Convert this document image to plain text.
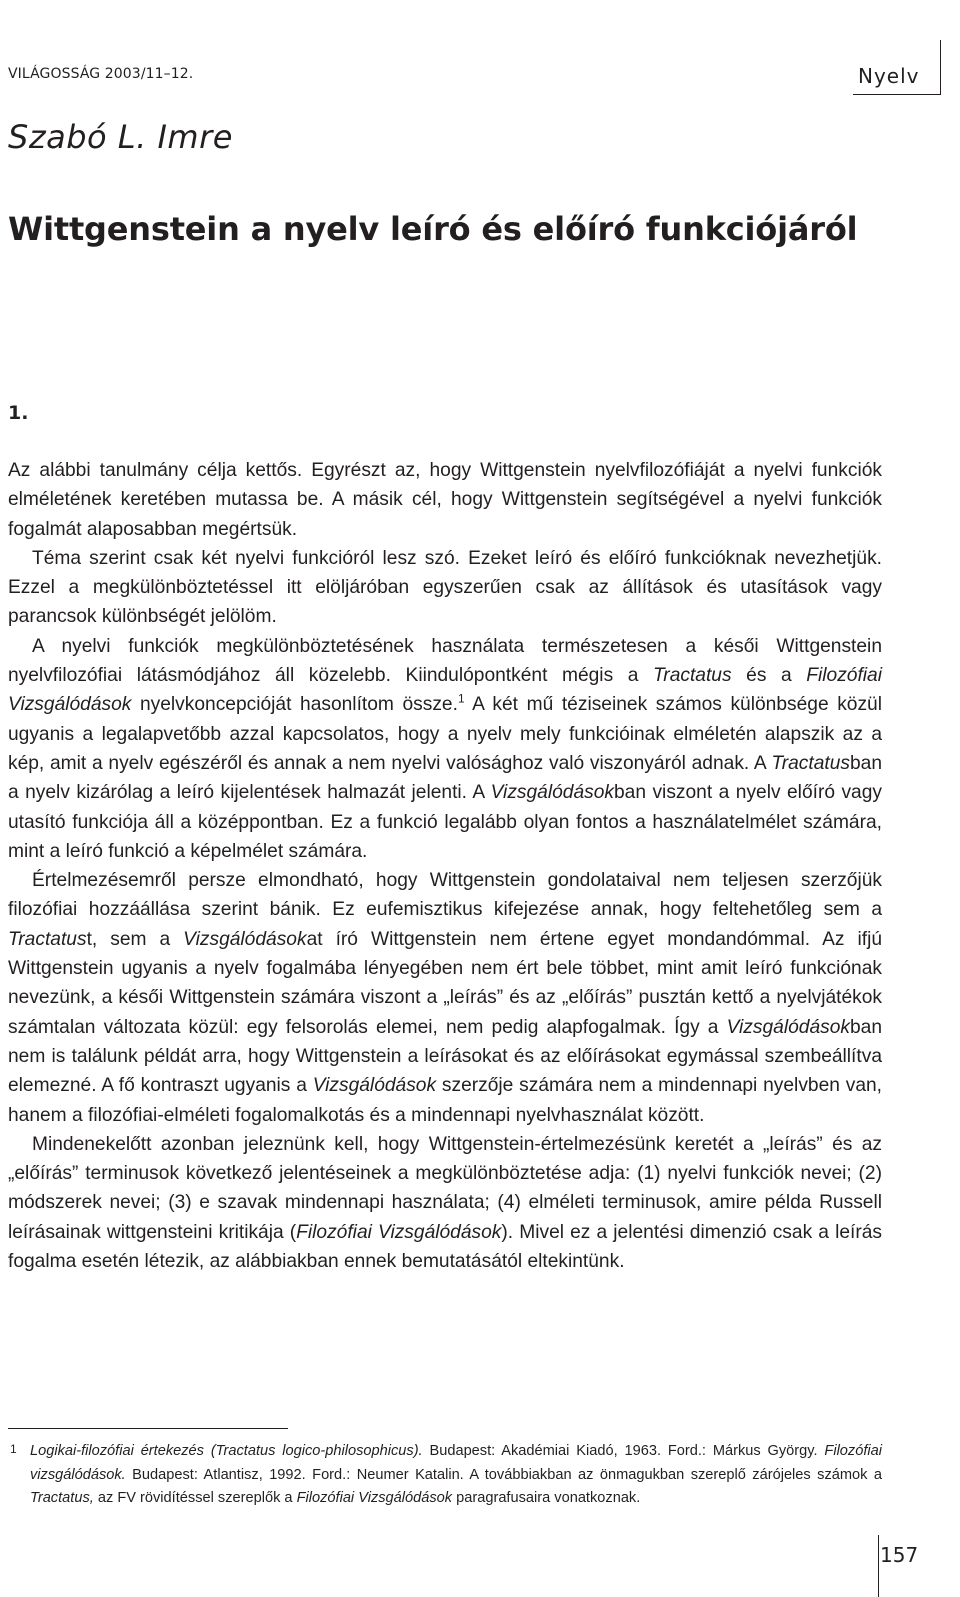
VILÁGOSSÁG 2003/11–12.	Nyelv
Szabó L. Imre
Wittgenstein a nyelv leíró és előíró funkciójáról
1.

Az alábbi tanulmány célja kettős. Egyrészt az, hogy Wittgenstein nyelvfilozófiáját a nyelvi funkciók elméletének keretében mutassa be. A másik cél, hogy Wittgenstein segítségével a nyelvi funkciók fogalmát alaposabban megértsük.

Téma szerint csak két nyelvi funkcióról lesz szó. Ezeket leíró és előíró funkcióknak nevezhetjük. Ezzel a megkülönböztetéssel itt elöljáróban egyszerűen csak az állítások és utasítások vagy parancsok különbségét jelölöm.

A nyelvi funkciók megkülönböztetésének használata természetesen a késői Wittgenstein nyelvfilozófiai látásmódjához áll közelebb. Kiindulópontként mégis a Tractatus és a Filozófiai Vizsgálódások nyelvkoncepcióját hasonlítom össze.$^1$ A két mű téziseinek számos különbsége közül ugyanis a legalapvetőbb azzal kapcsolatos, hogy a nyelv mely funkcióinak elméletén alapszik az a kép, amit a nyelv egészéről és annak a nem nyelvi valósághoz való viszonyáról adnak. A Tractatusban a nyelv kizárólag a leíró kijelentések halmazát jelenti. A Vizsgálódásokban viszont a nyelv előíró vagy utasító funkciója áll a középpontban. Ez a funkció legalább olyan fontos a használatelmélet számára, mint a leíró funkció a képelmélet számára.

Értelmezésemről persze elmondható, hogy Wittgenstein gondolataival nem teljesen szerzőjük filozófiai hozzáállása szerint bánik. Ez eufemisztikus kifejezése annak, hogy feltehetőleg sem a Tractatust, sem a Vizsgálódásokat író Wittgenstein nem értene egyet mondandómmal. Az ifjú Wittgenstein ugyanis a nyelv fogalmába lényegében nem ért bele többet, mint amit leíró funkciónak nevezünk, a késői Wittgenstein számára viszont a „leírás” és az „előírás” pusztán kettő a nyelvjátékok számtalan változata közül: egy felsorolás elemei, nem pedig alapfogalmak. Így a Vizsgálódásokban nem is találunk példát arra, hogy Wittgenstein a leírásokat és az előírásokat egymással szembeállítva elemezné. A fő kontraszt ugyanis a Vizsgálódások szerzője számára nem a mindennapi nyelvben van, hanem a filozófiai-elméleti fogalomalkotás és a mindennapi nyelvhasználat között.

Mindenekelőtt azonban jeleznünk kell, hogy Wittgenstein-értelmezésünk keretét a „leírás” és az „előírás” terminusok következő jelentéseinek a megkülönböztetése adja: (1) nyelvi funkciók nevei; (2) módszerek nevei; (3) e szavak mindennapi használata; (4) elméleti terminusok, amire példa Russell leírásainak wittgensteini kritikája (Filozófiai Vizsgálódások). Mivel ez a jelentési dimenzió csak a leírás fogalma esetén létezik, az alábbiakban ennek bemutatásától eltekintünk.

1 Logikai-filozófiai értekezés (Tractatus logico-philosophicus). Budapest: Akadémiai Kiadó, 1963. Ford.: Márkus György. Filozófiai vizsgálódások. Budapest: Atlantisz, 1992. Ford.: Neumer Katalin. A továbbiakban az önmagukban szereplő zárójeles számok a Tractatus, az FV rövidítéssel szereplők a Filozófiai Vizsgálódások paragrafusaira vonatkoznak.
157
